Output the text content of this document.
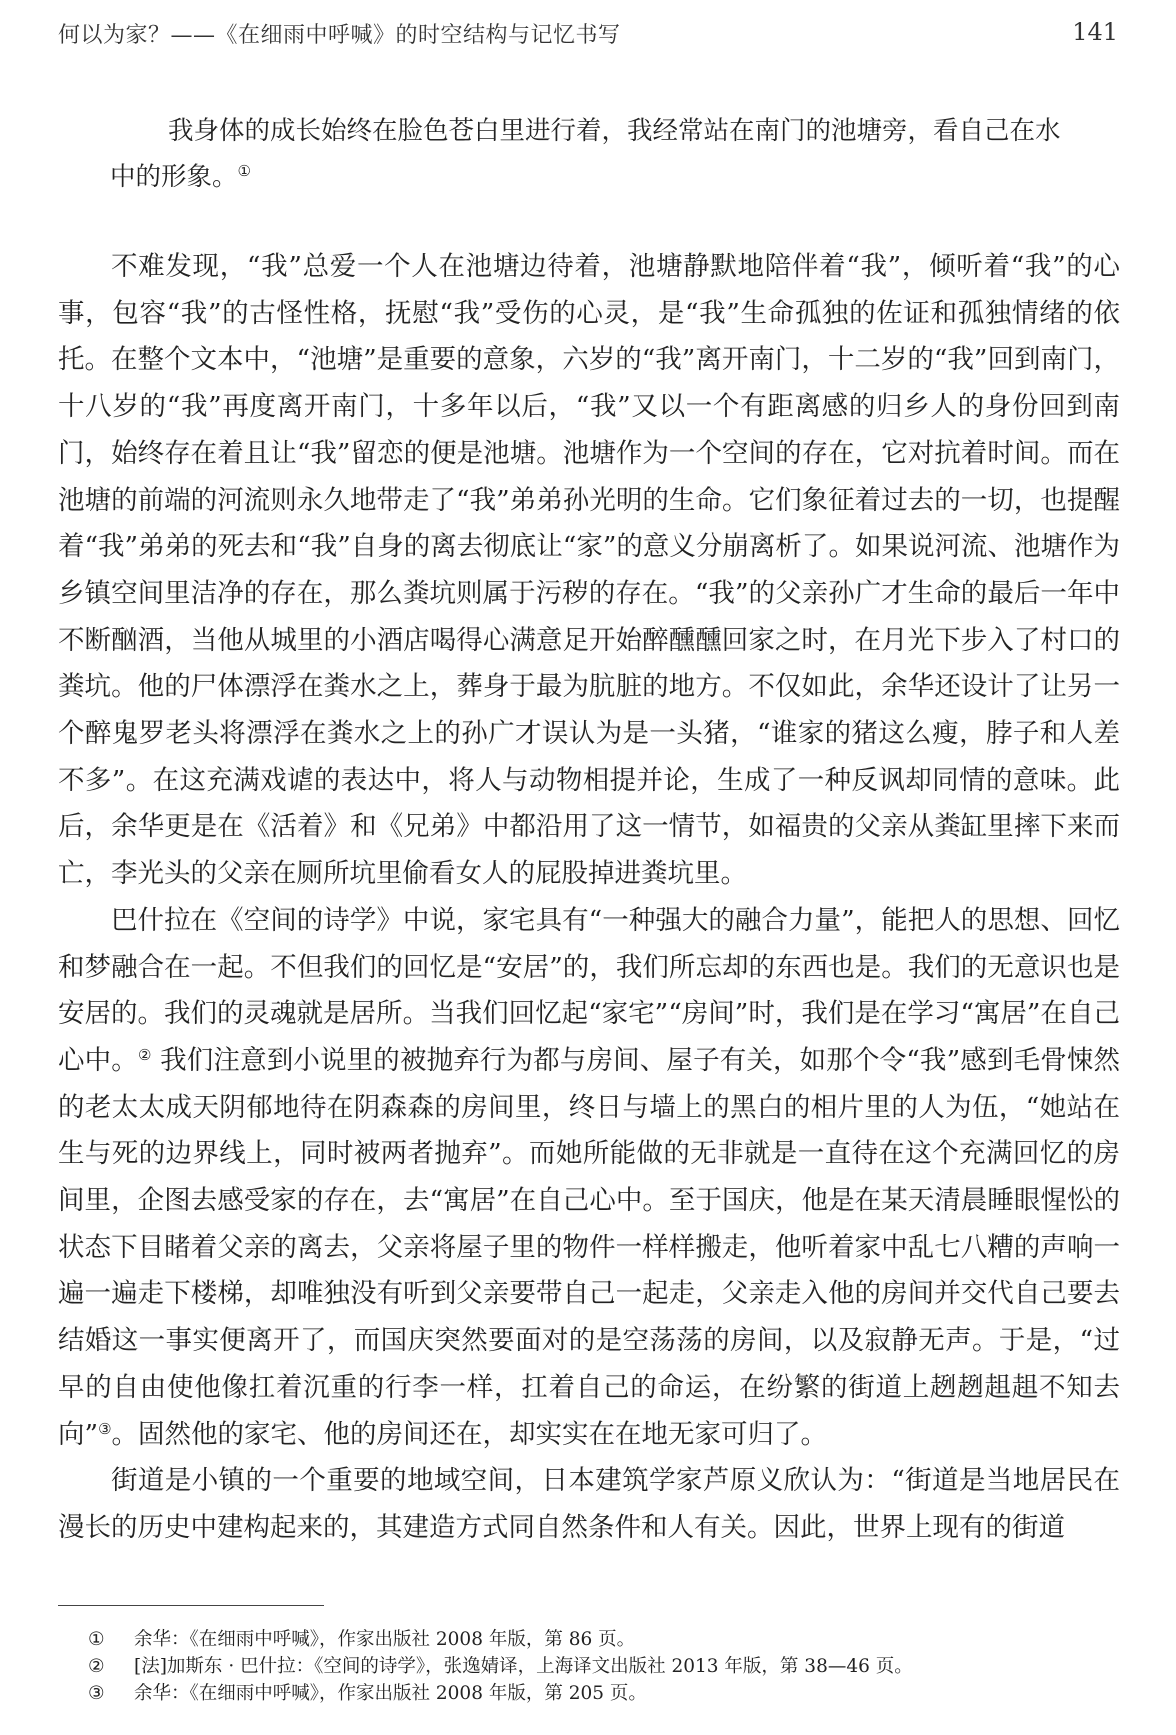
何以为家？——《在细雨中呼喊》的时空结构与记忆书写	141

我身体的成长始终在脸色苍白里进行着，我经常站在南门的池塘旁，看自己在水

中的形象。①

不难发现，“我”总爱一个人在池塘边待着，池塘静默地陪伴着“我”，倾听着“我”的心事，包容“我”的古怪性格，抚慰“我”受伤的心灵，是“我”生命孤独的佐证和孤独情绪的依托。在整个文本中，“池塘”是重要的意象，六岁的“我”离开南门，十二岁的“我”回到南门，十八岁的“我”再度离开南门，十多年以后，“我”又以一个有距离感的归乡人的身份回到南门，始终存在着且让“我”留恋的便是池塘。池塘作为一个空间的存在，它对抗着时间。而在池塘的前端的河流则永久地带走了“我”弟弟孙光明的生命。它们象征着过去的一切，也提醒着“我”弟弟的死去和“我”自身的离去彻底让“家”的意义分崩离析了。如果说河流、池塘作为乡镇空间里洁净的存在，那么粪坑则属于污秽的存在。“我”的父亲孙广才生命的最后一年中不断酗酒，当他从城里的小酒店喝得心满意足开始醉醺醺回家之时，在月光下步入了村口的粪坑。他的尸体漂浮在粪水之上，葬身于最为肮脏的地方。不仅如此，余华还设计了让另一个醉鬼罗老头将漂浮在粪水之上的孙广才误认为是一头猪，“谁家的猪这么瘦，脖子和人差不多”。在这充满戏谑的表达中，将人与动物相提并论，生成了一种反讽却同情的意味。此后，余华更是在《活着》和《兄弟》中都沿用了这一情节，如福贵的父亲从粪缸里摔下来而亡，李光头的父亲在厕所坑里偷看女人的屁股掉进粪坑里。

巴什拉在《空间的诗学》中说，家宅具有“一种强大的融合力量”，能把人的思想、回忆和梦融合在一起。不但我们的回忆是“安居”的，我们所忘却的东西也是。我们的无意识也是安居的。我们的灵魂就是居所。当我们回忆起“家宅”“房间”时，我们是在学习“寓居”在自己心中。② 我们注意到小说里的被抛弃行为都与房间、屋子有关，如那个令“我”感到毛骨悚然的老太太成天阴郁地待在阴森森的房间里，终日与墙上的黑白的相片里的人为伍，“她站在生与死的边界线上，同时被两者抛弃”。而她所能做的无非就是一直待在这个充满回忆的房间里，企图去感受家的存在，去“寓居”在自己心中。至于国庆，他是在某天清晨睡眼惺忪的状态下目睹着父亲的离去，父亲将屋子里的物件一样样搬走，他听着家中乱七八糟的声响一遍一遍走下楼梯，却唯独没有听到父亲要带自己一起走，父亲走入他的房间并交代自己要去结婚这一事实便离开了，而国庆突然要面对的是空荡荡的房间，以及寂静无声。于是，“过早的自由使他像扛着沉重的行李一样，扛着自己的命运，在纷繁的街道上趔趔趄趄不知去向”③。固然他的家宅、他的房间还在，却实实在在地无家可归了。

街道是小镇的一个重要的地域空间，日本建筑学家芦原义欣认为：“街道是当地居民在漫长的历史中建构起来的，其建造方式同自然条件和人有关。因此，世界上现有的街道

① 余华：《在细雨中呼喊》，作家出版社 2008 年版，第 86 页。
② [法]加斯东 · 巴什拉：《空间的诗学》，张逸婧译，上海译文出版社 2013 年版，第 38—46 页。
③ 余华：《在细雨中呼喊》，作家出版社 2008 年版，第 205 页。
